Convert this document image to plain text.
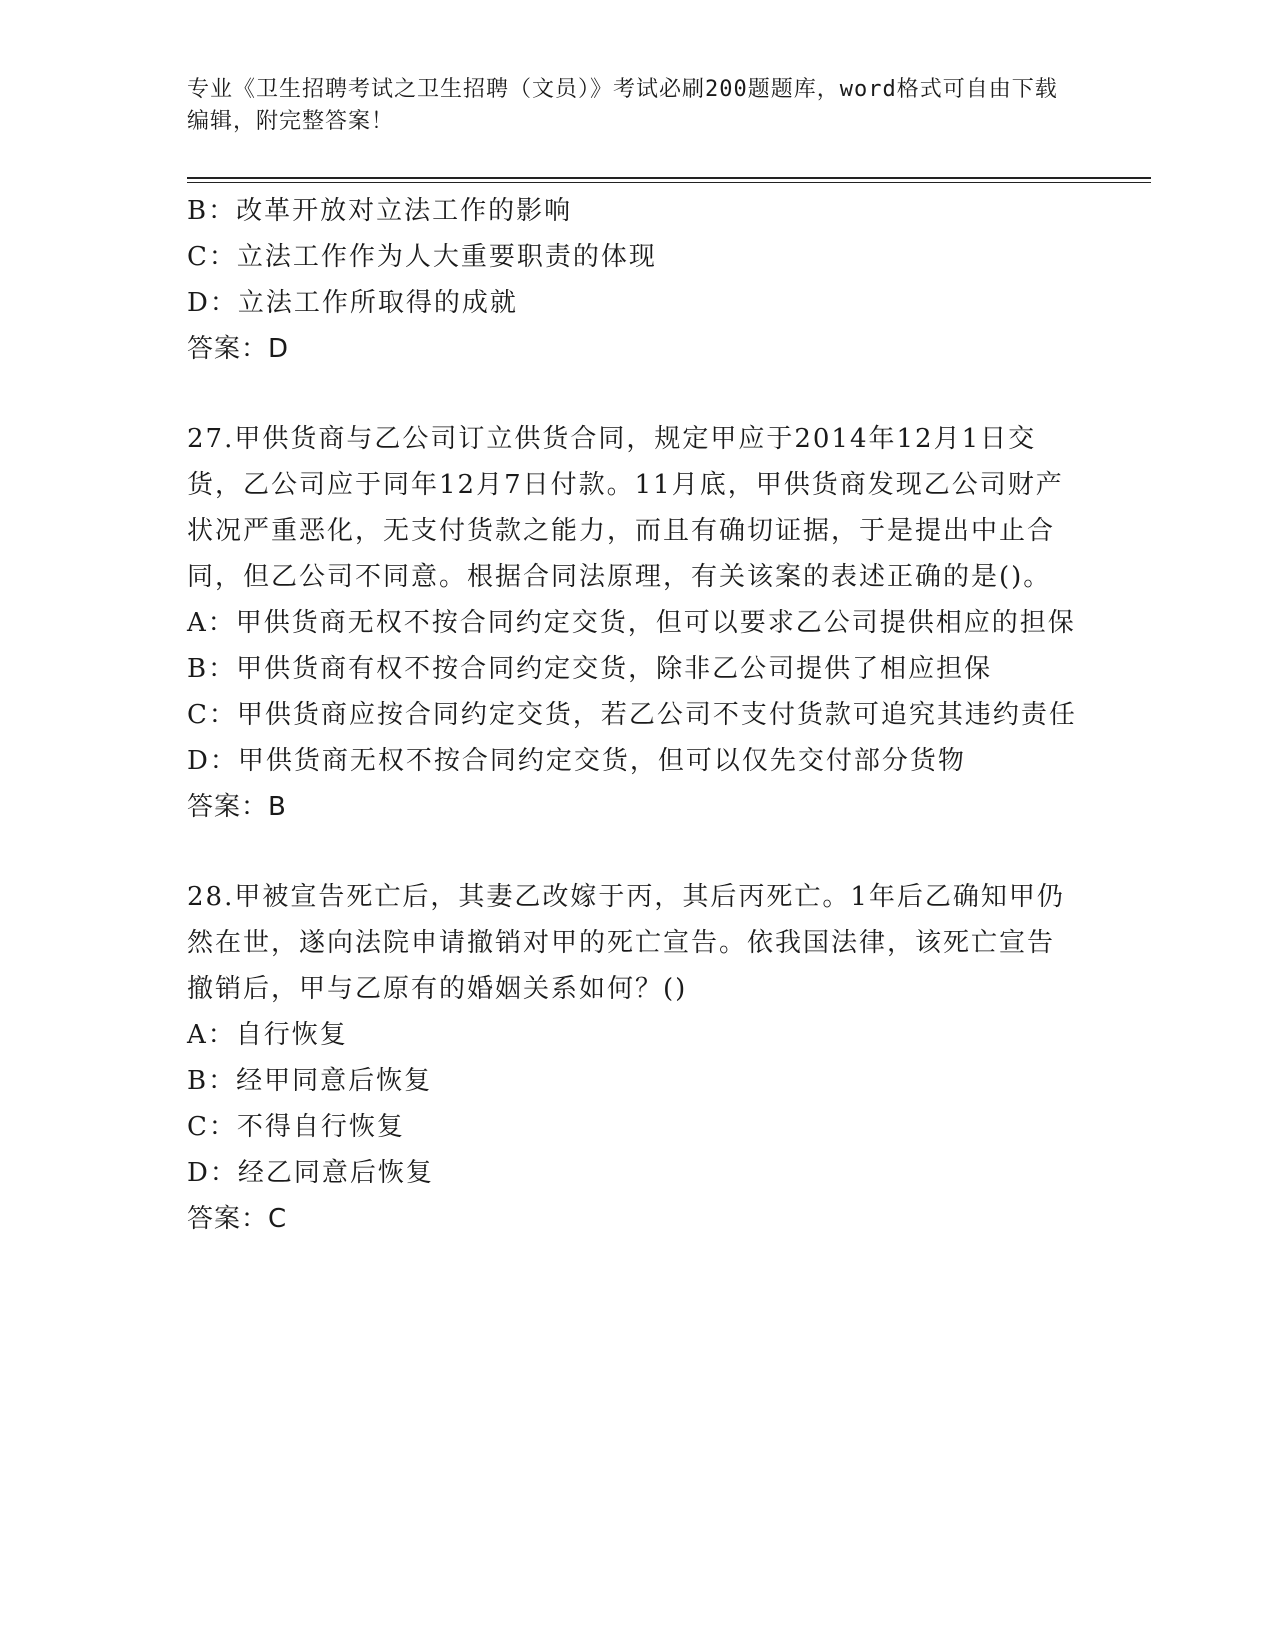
专业《卫生招聘考试之卫生招聘（文员）》考试必刷200题题库，word格式可自由下载编辑，附完整答案！
B：改革开放对立法工作的影响
C：立法工作作为人大重要职责的体现
D：立法工作所取得的成就
答案：D
27.甲供货商与乙公司订立供货合同，规定甲应于2014年12月1日交货，乙公司应于同年12月7日付款。11月底，甲供货商发现乙公司财产状况严重恶化，无支付货款之能力，而且有确切证据，于是提出中止合同，但乙公司不同意。根据合同法原理，有关该案的表述正确的是()。
A：甲供货商无权不按合同约定交货，但可以要求乙公司提供相应的担保
B：甲供货商有权不按合同约定交货，除非乙公司提供了相应担保
C：甲供货商应按合同约定交货，若乙公司不支付货款可追究其违约责任
D：甲供货商无权不按合同约定交货，但可以仅先交付部分货物
答案：B
28.甲被宣告死亡后，其妻乙改嫁于丙，其后丙死亡。1年后乙确知甲仍然在世，遂向法院申请撤销对甲的死亡宣告。依我国法律，该死亡宣告撤销后，甲与乙原有的婚姻关系如何？()
A：自行恢复
B：经甲同意后恢复
C：不得自行恢复
D：经乙同意后恢复
答案：C
